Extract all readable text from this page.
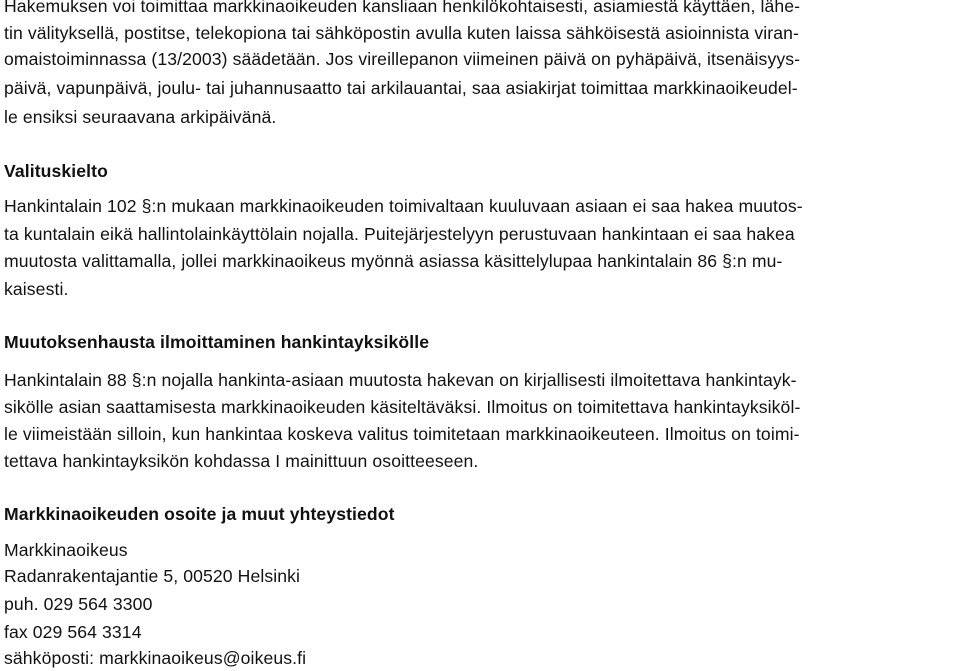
Hakemuksen voi toimittaa markkinaoikeuden kansliaan henkilökohtaisesti, asiamiestä käyttäen, lähe-

tin välityksellä, postitse, telekopiona tai sähköpostin avulla kuten laissa sähköisestä asioinnista viran-

omaistoiminnassa (13/2003) säädetään. Jos vireillepanon viimeinen päivä on pyhäpäivä, itsenäisyys-

päivä, vapunpäivä, joulu- tai juhannusaatto tai arkilauantai, saa asiakirjat toimittaa markkinaoikeudel-

le ensiksi seuraavana arkipäivänä.

Valituskielto

Hankintalain 102 §:n mukaan markkinaoikeuden toimivaltaan kuuluvaan asiaan ei saa hakea muutos-

ta kuntalain eikä hallintolainkäyttölain nojalla. Puitejärjestelyyn perustuvaan hankintaan ei saa hakea

muutosta valittamalla, jollei markkinaoikeus myönnä asiassa käsittelylupaa hankintalain 86 §:n mu-

kaisesti.

Muutoksenhausta ilmoittaminen hankintayksikölle

Hankintalain 88 §:n nojalla hankinta-asiaan muutosta hakevan on kirjallisesti ilmoitettava hankintayk-

sikölle asian saattamisesta markkinaoikeuden käsiteltäväksi. Ilmoitus on toimitettava hankintayksiköl-

le viimeistään silloin, kun hankintaa koskeva valitus toimitetaan markkinaoikeuteen. Ilmoitus on toimi-

tettava hankintayksikön kohdassa I mainittuun osoitteeseen.

Markkinaoikeuden osoite ja muut yhteystiedot

Markkinaoikeus

Radanrakentajantie 5, 00520 Helsinki

puh. 029 564 3300

fax 029 564 3314

sähköposti: markkinaoikeus@oikeus.fi
